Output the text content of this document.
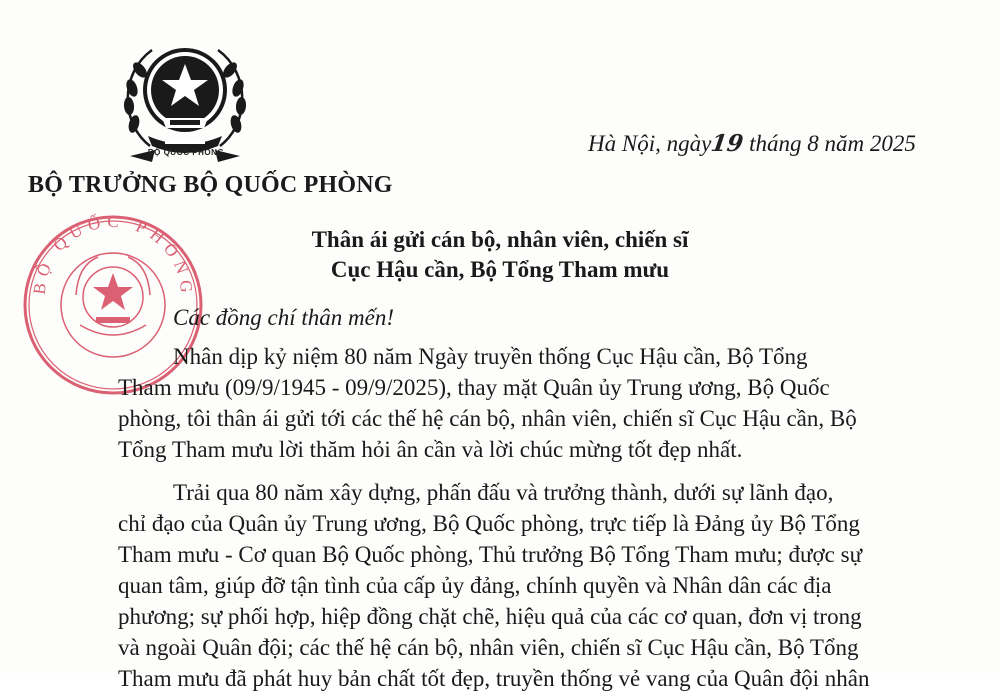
BỘ QUỐC PHÒNG
BỘ TRƯỞNG BỘ QUỐC PHÒNG
Hà Nội, ngày19 tháng 8 năm 2025
BỘ QUỐC PHÒNG
Thân ái gửi cán bộ, nhân viên, chiến sĩ
Cục Hậu cần, Bộ Tổng Tham mưu
Các đồng chí thân mến!
Nhân dịp kỷ niệm 80 năm Ngày truyền thống Cục Hậu cần, Bộ Tổng
Tham mưu (09/9/1945 - 09/9/2025), thay mặt Quân ủy Trung ương, Bộ Quốc
phòng, tôi thân ái gửi tới các thế hệ cán bộ, nhân viên, chiến sĩ Cục Hậu cần, Bộ
Tổng Tham mưu lời thăm hỏi ân cần và lời chúc mừng tốt đẹp nhất.
Trải qua 80 năm xây dựng, phấn đấu và trưởng thành, dưới sự lãnh đạo,
chỉ đạo của Quân ủy Trung ương, Bộ Quốc phòng, trực tiếp là Đảng ủy Bộ Tổng
Tham mưu - Cơ quan Bộ Quốc phòng, Thủ trưởng Bộ Tổng Tham mưu; được sự
quan tâm, giúp đỡ tận tình của cấp ủy đảng, chính quyền và Nhân dân các địa
phương; sự phối hợp, hiệp đồng chặt chẽ, hiệu quả của các cơ quan, đơn vị trong
và ngoài Quân đội; các thế hệ cán bộ, nhân viên, chiến sĩ Cục Hậu cần, Bộ Tổng
Tham mưu đã phát huy bản chất tốt đẹp, truyền thống vẻ vang của Quân đội nhân
